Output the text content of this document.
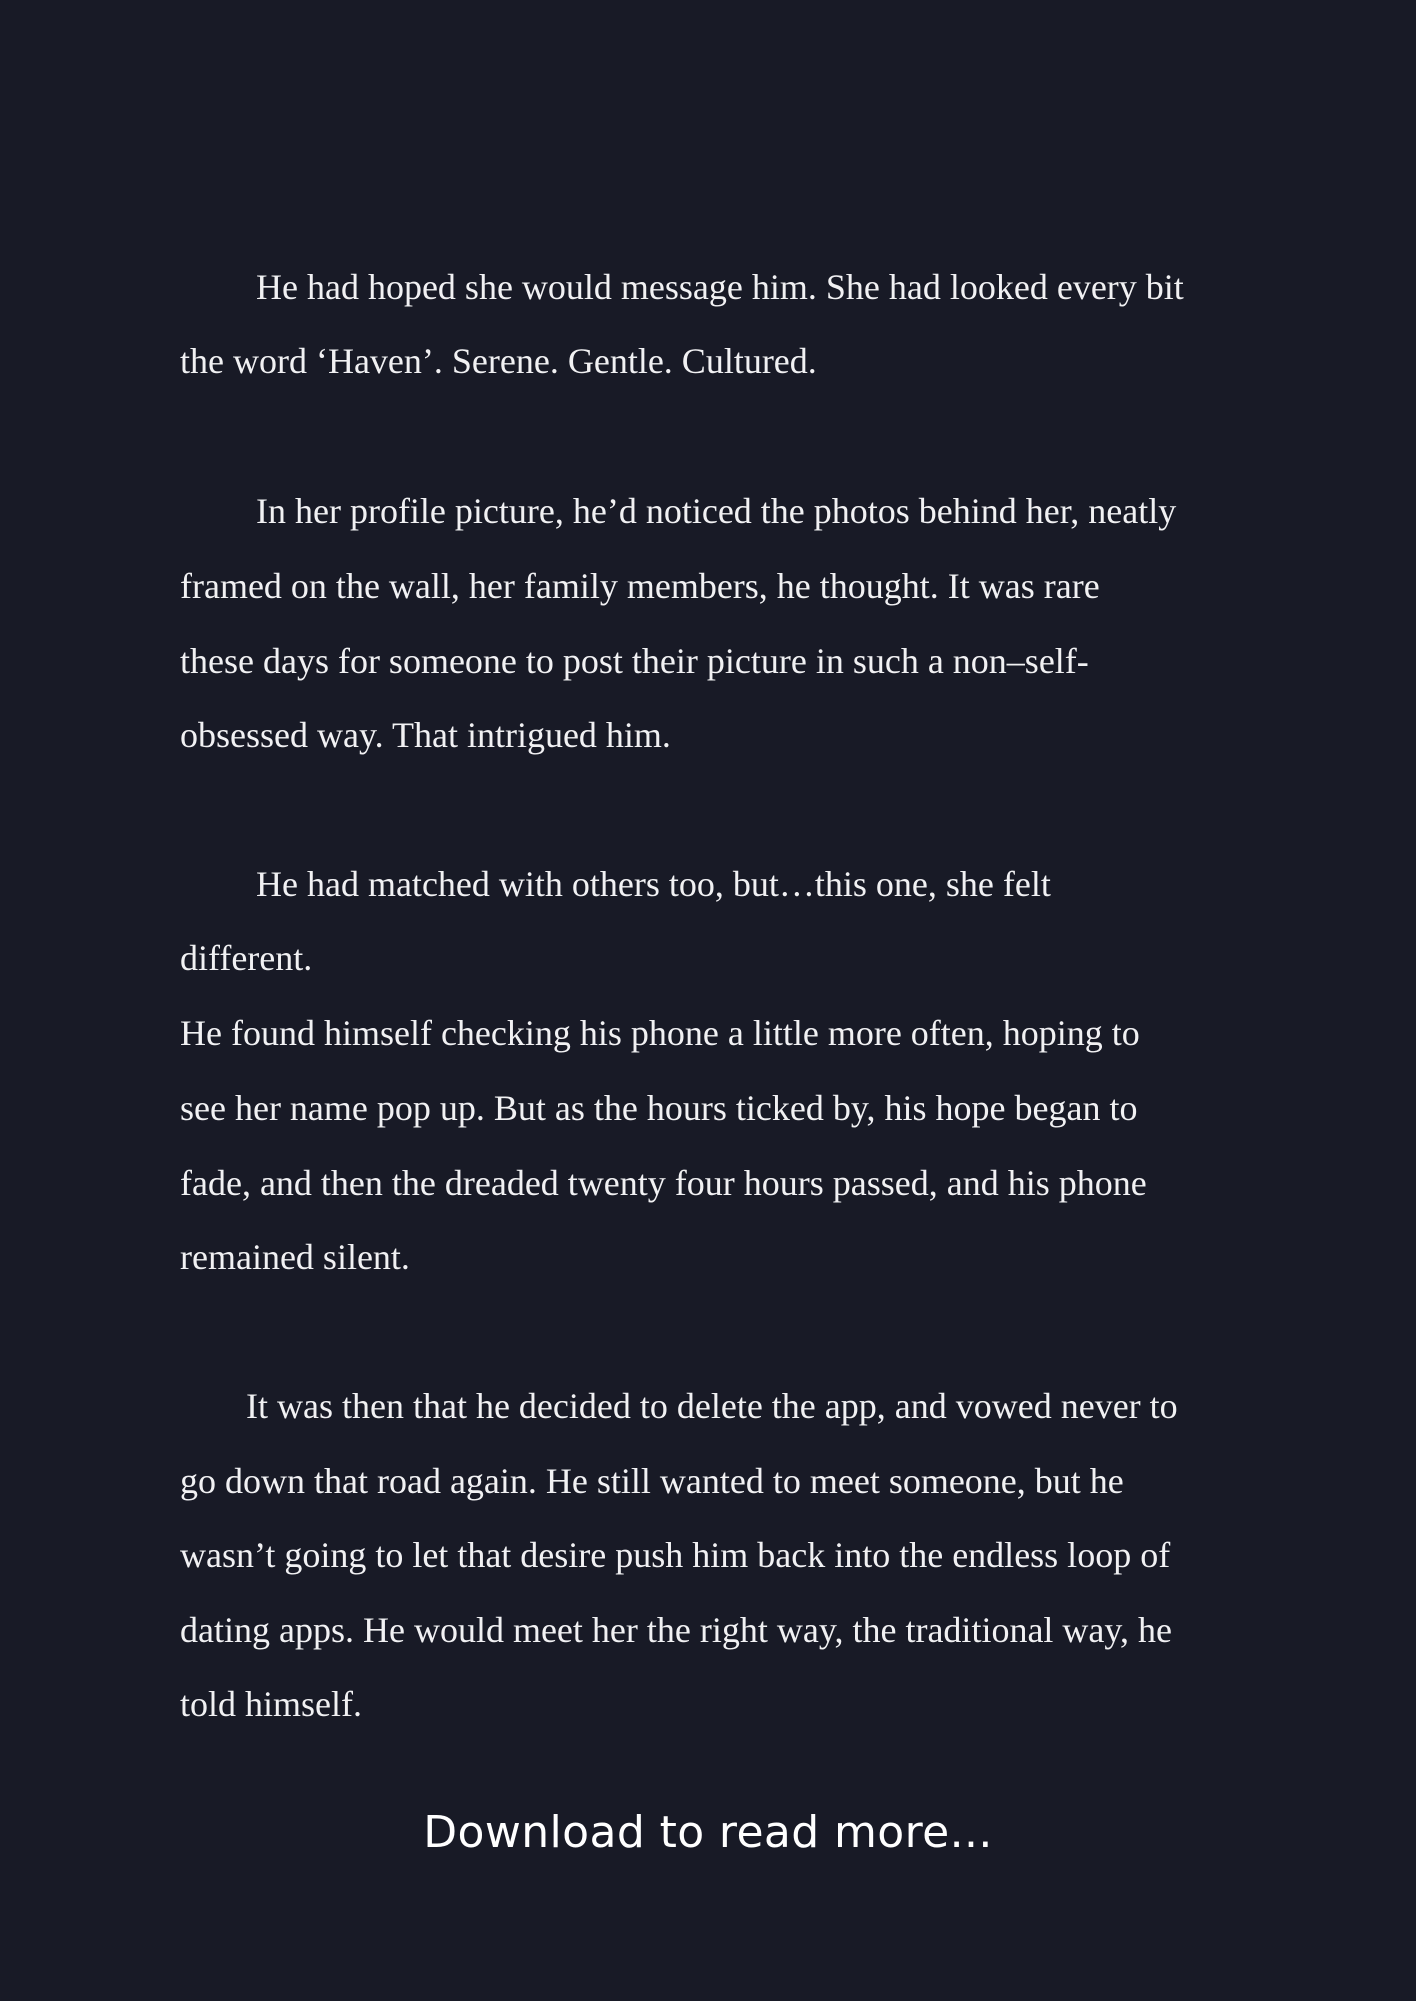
He had hoped she would message him. She had looked every bit
the word ‘Haven’. Serene. Gentle. Cultured.
In her profile picture, he’d noticed the photos behind her, neatly
framed on the wall, her family members, he thought. It was rare
these days for someone to post their picture in such a non–self-
obsessed way. That intrigued him.
He had matched with others too, but…this one, she felt
different.
He found himself checking his phone a little more often, hoping to
see her name pop up. But as the hours ticked by, his hope began to
fade, and then the dreaded twenty four hours passed, and his phone
remained silent.
It was then that he decided to delete the app, and vowed never to
go down that road again. He still wanted to meet someone, but he
wasn’t going to let that desire push him back into the endless loop of
dating apps. He would meet her the right way, the traditional way, he
told himself.
Download to read more...
